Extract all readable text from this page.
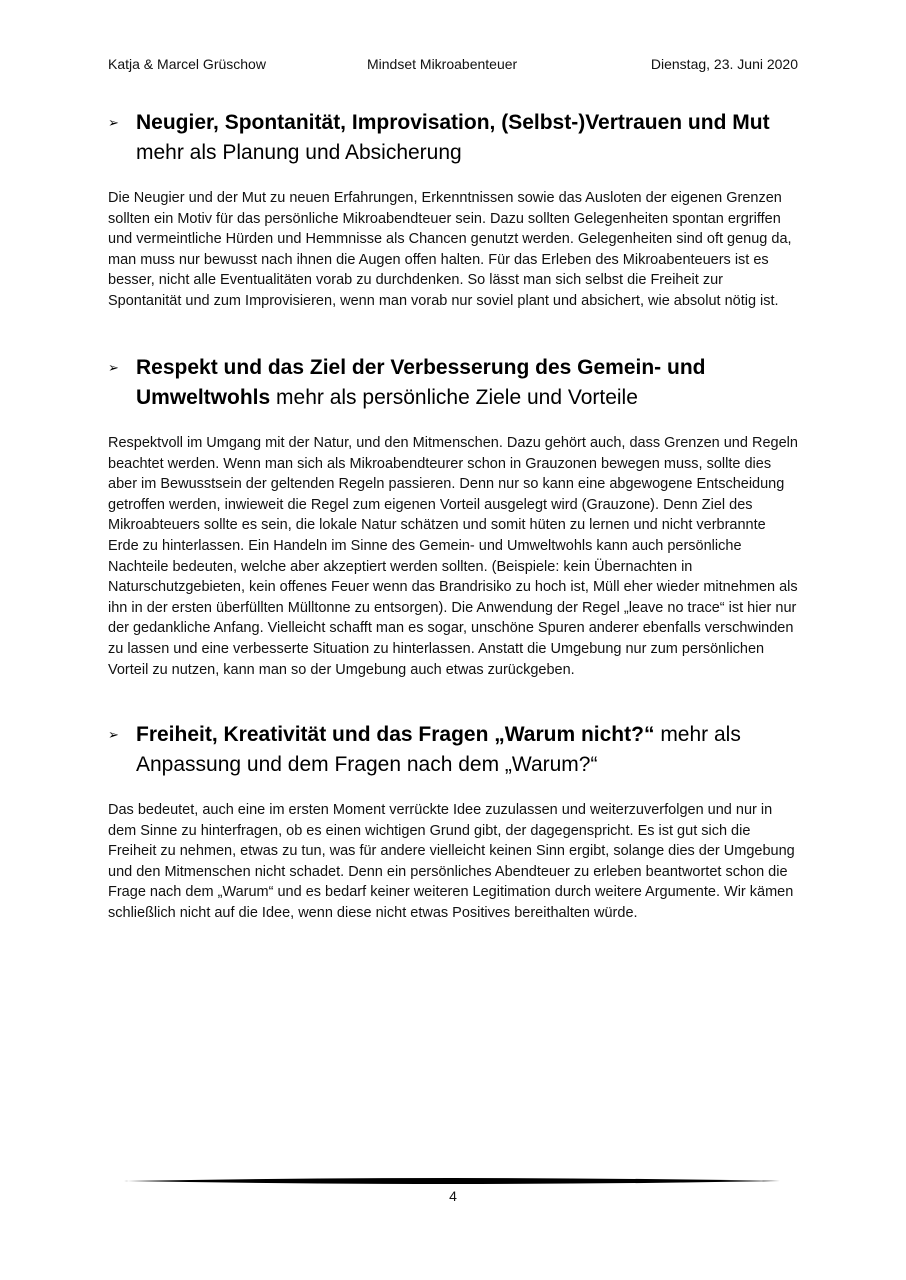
Katja & Marcel Grüschow	Mindset Mikroabenteuer	Dienstag, 23. Juni 2020
➢ Neugier, Spontanität, Improvisation, (Selbst-)Vertrauen und Mut mehr als Planung und Absicherung
Die Neugier und der Mut zu neuen Erfahrungen, Erkenntnissen sowie das Ausloten der eigenen Grenzen sollten ein Motiv für das persönliche Mikroabendteuer sein. Dazu sollten Gelegenheiten spontan ergriffen und vermeintliche Hürden und Hemmnisse als Chancen genutzt werden. Gelegenheiten sind oft genug da, man muss nur bewusst nach ihnen die Augen offen halten. Für das Erleben des Mikroabenteuers ist es besser, nicht alle Eventualitäten vorab zu durchdenken. So lässt man sich selbst die Freiheit zur Spontanität und zum Improvisieren, wenn man vorab nur soviel plant und absichert, wie absolut nötig ist.
➢ Respekt und das Ziel der Verbesserung des Gemein- und Umweltwohls mehr als persönliche Ziele und Vorteile
Respektvoll im Umgang mit der Natur, und den Mitmenschen. Dazu gehört auch, dass Grenzen und Regeln beachtet werden. Wenn man sich als Mikroabendteurer schon in Grauzonen bewegen muss, sollte dies aber im Bewusstsein der geltenden Regeln passieren. Denn nur so kann eine abgewogene Entscheidung getroffen werden, inwieweit die Regel zum eigenen Vorteil ausgelegt wird (Grauzone). Denn Ziel des Mikroabteuers sollte es sein, die lokale Natur schätzen und somit hüten zu lernen und nicht verbrannte Erde zu hinterlassen. Ein Handeln im Sinne des Gemein- und Umweltwohls kann auch persönliche Nachteile bedeuten, welche aber akzeptiert werden sollten. (Beispiele: kein Übernachten in Naturschutzgebieten, kein offenes Feuer wenn das Brandrisiko zu hoch ist, Müll eher wieder mitnehmen als ihn in der ersten überfüllten Mülltonne zu entsorgen). Die Anwendung der Regel „leave no trace“ ist hier nur der gedankliche Anfang. Vielleicht schafft man es sogar, unschöne Spuren anderer ebenfalls verschwinden zu lassen und eine verbesserte Situation zu hinterlassen. Anstatt die Umgebung nur zum persönlichen Vorteil zu nutzen, kann man so der Umgebung auch etwas zurückgeben.
➢ Freiheit, Kreativität und das Fragen „Warum nicht?“ mehr als Anpassung und dem Fragen nach dem „Warum?“
Das bedeutet, auch eine im ersten Moment verrückte Idee zuzulassen und weiterzuverfolgen und nur in dem Sinne zu hinterfragen, ob es einen wichtigen Grund gibt, der dagegenspricht. Es ist gut sich die Freiheit zu nehmen, etwas zu tun, was für andere vielleicht keinen Sinn ergibt, solange dies der Umgebung und den Mitmenschen nicht schadet. Denn ein persönliches Abendteuer zu erleben beantwortet schon die Frage nach dem „Warum“ und es bedarf keiner weiteren Legitimation durch weitere Argumente. Wir kämen schließlich nicht auf die Idee, wenn diese nicht etwas Positives bereithalten würde.
4
